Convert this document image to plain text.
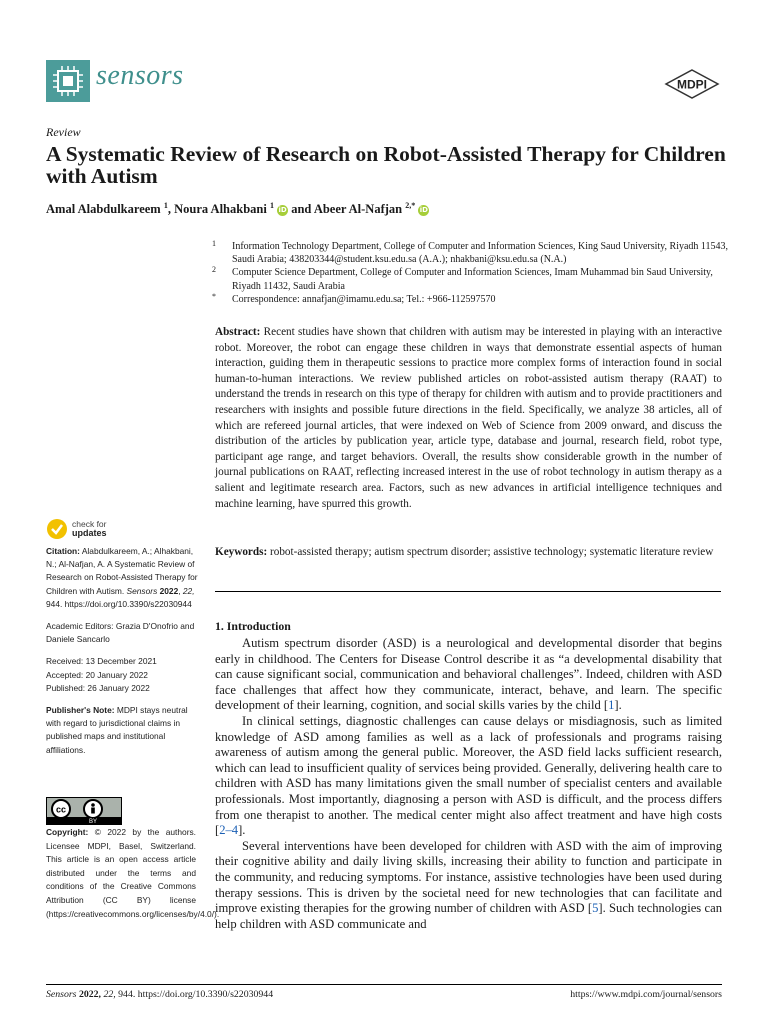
sensors	MDPI
Review
A Systematic Review of Research on Robot-Assisted Therapy for Children with Autism
Amal Alabdulkareem $^1$, Noura Alhakbani $^1$ iD and Abeer Al-Nafjan $^{2,*}$ iD
1 Information Technology Department, College of Computer and Information Sciences, King Saud University, Riyadh 11543, Saudi Arabia; 438203344@student.ksu.edu.sa (A.A.); nhakbani@ksu.edu.sa (N.A.)
2 Computer Science Department, College of Computer and Information Sciences, Imam Muhammad bin Saud University, Riyadh 11432, Saudi Arabia
* Correspondence: annafjan@imamu.edu.sa; Tel.: +966-112597570
Abstract: Recent studies have shown that children with autism may be interested in playing with an interactive robot. Moreover, the robot can engage these children in ways that demonstrate essential aspects of human interaction, guiding them in therapeutic sessions to practice more complex forms of interaction found in social human-to-human interactions. We review published articles on robot-assisted autism therapy (RAAT) to understand the trends in research on this type of therapy for children with autism and to provide practitioners and researchers with insights and possible future directions in the field. Specifically, we analyze 38 articles, all of which are refereed journal articles, that were indexed on Web of Science from 2009 onward, and discuss the distribution of the articles by publication year, article type, database and journal, research field, robot type, participant age range, and target behaviors. Overall, the results show considerable growth in the number of journal publications on RAAT, reflecting increased interest in the use of robot technology in autism therapy as a salient and legitimate research area. Factors, such as new advances in artificial intelligence techniques and machine learning, have spurred this growth.
Keywords: robot-assisted therapy; autism spectrum disorder; assistive technology; systematic literature review
check for
updates

Citation: Alabdulkareem, A.; Alhakbani, N.; Al-Nafjan, A. A Systematic Review of Research on Robot-Assisted Therapy for Children with Autism. Sensors 2022, 22, 944. https://doi.org/10.3390/s22030944

Academic Editors: Grazia D'Onofrio and Daniele Sancarlo

Received: 13 December 2021
Accepted: 20 January 2022
Published: 26 January 2022

Publisher's Note: MDPI stays neutral with regard to jurisdictional claims in published maps and institutional affiliations.

cc
BY
Copyright: © 2022 by the authors. Licensee MDPI, Basel, Switzerland. This article is an open access article distributed under the terms and conditions of the Creative Commons Attribution (CC BY) license (https://creativecommons.org/licenses/by/4.0/).
1. Introduction

Autism spectrum disorder (ASD) is a neurological and developmental disorder that begins early in childhood. The Centers for Disease Control describe it as “a developmental disability that can cause significant social, communication and behavioral challenges”. Indeed, children with ASD face challenges that affect how they communicate, interact, behave, and learn. The specific development of their learning, cognition, and social skills varies by the child [1].

In clinical settings, diagnostic challenges can cause delays or misdiagnosis, such as limited knowledge of ASD among families as well as a lack of professionals and programs raising awareness of autism among the general public. Moreover, the ASD field lacks sufficient research, which can lead to insufficient quality of services being provided. Generally, delivering health care to children with ASD has many limitations given the small number of specialist centers and available professionals. Most importantly, diagnosing a person with ASD is difficult, and the process differs from one therapist to another. The medical center might also affect treatment and have high costs [2–4].

Several interventions have been developed for children with ASD with the aim of improving their cognitive ability and daily living skills, increasing their ability to function and participate in the community, and reducing symptoms. For instance, assistive technologies have been used during therapy sessions. This is driven by the societal need for new technologies that can facilitate and improve existing therapies for the growing number of children with ASD [5]. Such technologies can help children with ASD communicate and

Sensors 2022, 22, 944. https://doi.org/10.3390/s22030944	https://www.mdpi.com/journal/sensors
